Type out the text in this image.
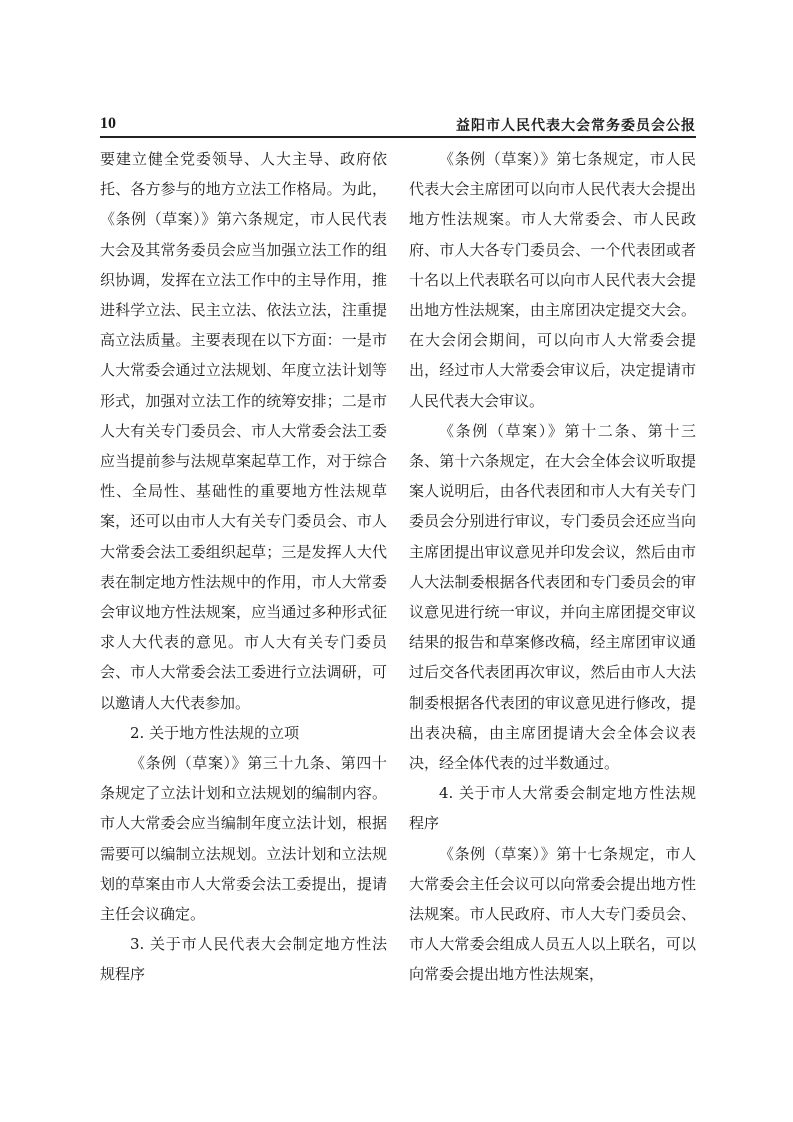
10	益阳市人民代表大会常务委员会公报

要建立健全党委领导、人大主导、政府依托、各方参与的地方立法工作格局。为此，《条例（草案）》第六条规定，市人民代表大会及其常务委员会应当加强立法工作的组织协调，发挥在立法工作中的主导作用，推进科学立法、民主立法、依法立法，注重提高立法质量。主要表现在以下方面：一是市人大常委会通过立法规划、年度立法计划等形式，加强对立法工作的统筹安排；二是市人大有关专门委员会、市人大常委会法工委应当提前参与法规草案起草工作，对于综合性、全局性、基础性的重要地方性法规草案，还可以由市人大有关专门委员会、市人大常委会法工委组织起草；三是发挥人大代表在制定地方性法规中的作用，市人大常委会审议地方性法规案，应当通过多种形式征求人大代表的意见。市人大有关专门委员会、市人大常委会法工委进行立法调研，可以邀请人大代表参加。

2. 关于地方性法规的立项

《条例（草案）》第三十九条、第四十条规定了立法计划和立法规划的编制内容。市人大常委会应当编制年度立法计划，根据需要可以编制立法规划。立法计划和立法规划的草案由市人大常委会法工委提出，提请主任会议确定。

3. 关于市人民代表大会制定地方性法规程序

《条例（草案）》第七条规定，市人民代表大会主席团可以向市人民代表大会提出地方性法规案。市人大常委会、市人民政府、市人大各专门委员会、一个代表团或者十名以上代表联名可以向市人民代表大会提出地方性法规案，由主席团决定提交大会。在大会闭会期间，可以向市人大常委会提出，经过市人大常委会审议后，决定提请市人民代表大会审议。

《条例（草案）》第十二条、第十三条、第十六条规定，在大会全体会议听取提案人说明后，由各代表团和市人大有关专门委员会分别进行审议，专门委员会还应当向主席团提出审议意见并印发会议，然后由市人大法制委根据各代表团和专门委员会的审议意见进行统一审议，并向主席团提交审议结果的报告和草案修改稿，经主席团审议通过后交各代表团再次审议，然后由市人大法制委根据各代表团的审议意见进行修改，提出表决稿，由主席团提请大会全体会议表决，经全体代表的过半数通过。

4. 关于市人大常委会制定地方性法规程序

《条例（草案）》第十七条规定，市人大常委会主任会议可以向常委会提出地方性法规案。市人民政府、市人大专门委员会、市人大常委会组成人员五人以上联名，可以向常委会提出地方性法规案，
